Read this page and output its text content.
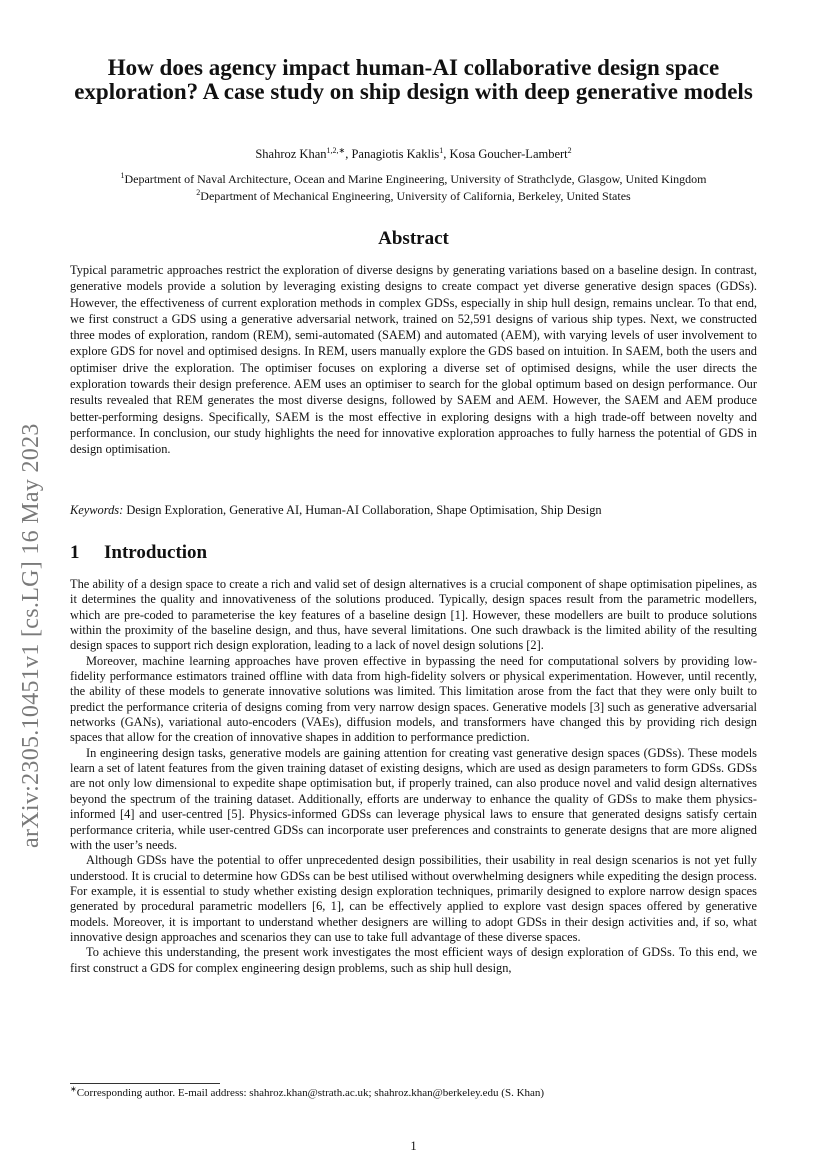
arXiv:2305.10451v1 [cs.LG] 16 May 2023
How does agency impact human-AI collaborative design space exploration? A case study on ship design with deep generative models
Shahroz Khan$^{1,2,∗}$, Panagiotis Kaklis$^1$, Kosa Goucher-Lambert$^2$
$^1$Department of Naval Architecture, Ocean and Marine Engineering, University of Strathclyde, Glasgow, United Kingdom
$^2$Department of Mechanical Engineering, University of California, Berkeley, United States
Abstract
Typical parametric approaches restrict the exploration of diverse designs by generating variations based on a baseline design. In contrast, generative models provide a solution by leveraging existing designs to create compact yet diverse generative design spaces (GDSs). However, the effectiveness of current exploration methods in complex GDSs, especially in ship hull design, remains unclear. To that end, we first construct a GDS using a generative adversarial network, trained on 52,591 designs of various ship types. Next, we constructed three modes of exploration, random (REM), semi-automated (SAEM) and automated (AEM), with varying levels of user involvement to explore GDS for novel and optimised designs. In REM, users manually explore the GDS based on intuition. In SAEM, both the users and optimiser drive the exploration. The optimiser focuses on exploring a diverse set of optimised designs, while the user directs the exploration towards their design preference. AEM uses an optimiser to search for the global optimum based on design performance. Our results revealed that REM generates the most diverse designs, followed by SAEM and AEM. However, the SAEM and AEM produce better-performing designs. Specifically, SAEM is the most effective in exploring designs with a high trade-off between novelty and performance. In conclusion, our study highlights the need for innovative exploration approaches to fully harness the potential of GDS in design optimisation.
Keywords: Design Exploration, Generative AI, Human-AI Collaboration, Shape Optimisation, Ship Design
1 Introduction

The ability of a design space to create a rich and valid set of design alternatives is a crucial component of shape optimisation pipelines, as it determines the quality and innovativeness of the solutions produced. Typically, design spaces result from the parametric modellers, which are pre-coded to parameterise the key features of a baseline design [1]. However, these modellers are built to produce solutions within the proximity of the baseline design, and thus, have several limitations. One such drawback is the limited ability of the resulting design spaces to support rich design exploration, leading to a lack of novel design solutions [2].

Moreover, machine learning approaches have proven effective in bypassing the need for computational solvers by providing low-fidelity performance estimators trained offline with data from high-fidelity solvers or physical experimentation. However, until recently, the ability of these models to generate innovative solutions was limited. This limitation arose from the fact that they were only built to predict the performance criteria of designs coming from very narrow design spaces. Generative models [3] such as generative adversarial networks (GANs), variational auto-encoders (VAEs), diffusion models, and transformers have changed this by providing rich design spaces that allow for the creation of innovative shapes in addition to performance prediction.

In engineering design tasks, generative models are gaining attention for creating vast generative design spaces (GDSs). These models learn a set of latent features from the given training dataset of existing designs, which are used as design parameters to form GDSs. GDSs are not only low dimensional to expedite shape optimisation but, if properly trained, can also produce novel and valid design alternatives beyond the spectrum of the training dataset. Additionally, efforts are underway to enhance the quality of GDSs to make them physics-informed [4] and user-centred [5]. Physics-informed GDSs can leverage physical laws to ensure that generated designs satisfy certain performance criteria, while user-centred GDSs can incorporate user preferences and constraints to generate designs that are more aligned with the user’s needs.

Although GDSs have the potential to offer unprecedented design possibilities, their usability in real design scenarios is not yet fully understood. It is crucial to determine how GDSs can be best utilised without overwhelming designers while expediting the design process. For example, it is essential to study whether existing design exploration techniques, primarily designed to explore narrow design spaces generated by procedural parametric modellers [6, 1], can be effectively applied to explore vast design spaces offered by generative models. Moreover, it is important to understand whether designers are willing to adopt GDSs in their design activities and, if so, what innovative design approaches and scenarios they can use to take full advantage of these diverse spaces.

To achieve this understanding, the present work investigates the most efficient ways of design exploration of GDSs. To this end, we first construct a GDS for complex engineering design problems, such as ship hull design,

∗Corresponding author. E-mail address: shahroz.khan@strath.ac.uk; shahroz.khan@berkeley.edu (S. Khan)
1
